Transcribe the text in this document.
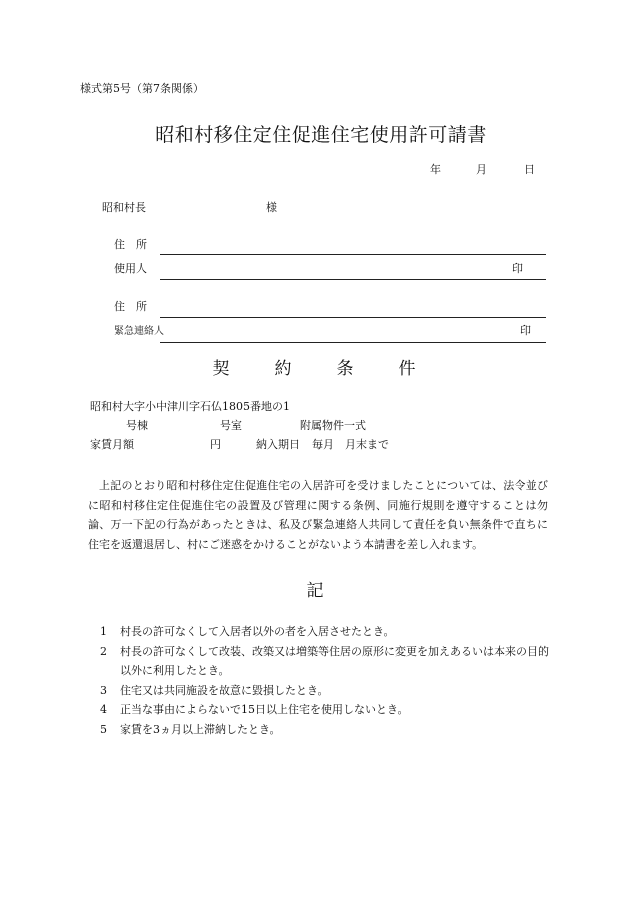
様式第5号（第7条関係）
昭和村移住定住促進住宅使用許可請書
年	月	日
昭和村長	様
住　所
使用人	印
住　所
緊急連絡人	印
契　約　条　件
昭和村大字小中津川字石仏1805番地の1
号棟	号室	附属物件一式
家賃月額	円	納入期日 毎月　月末まで
上記のとおり昭和村移住定住促進住宅の入居許可を受けましたことについては、法令並びに昭和村移住定住促進住宅の設置及び管理に関する条例、同施行規則を遵守することは勿論、万一下記の行為があったときは、私及び緊急連絡人共同して責任を負い無条件で直ちに住宅を返還退居し、村にご迷惑をかけることがないよう本請書を差し入れます。
記
1	村長の許可なくして入居者以外の者を入居させたとき。
2	村長の許可なくして改装、改築又は増築等住居の原形に変更を加えあるいは本来の目的以外に利用したとき。
3	住宅又は共同施設を故意に毀損したとき。
4	正当な事由によらないで15日以上住宅を使用しないとき。
5	家賃を3ヵ月以上滞納したとき。
